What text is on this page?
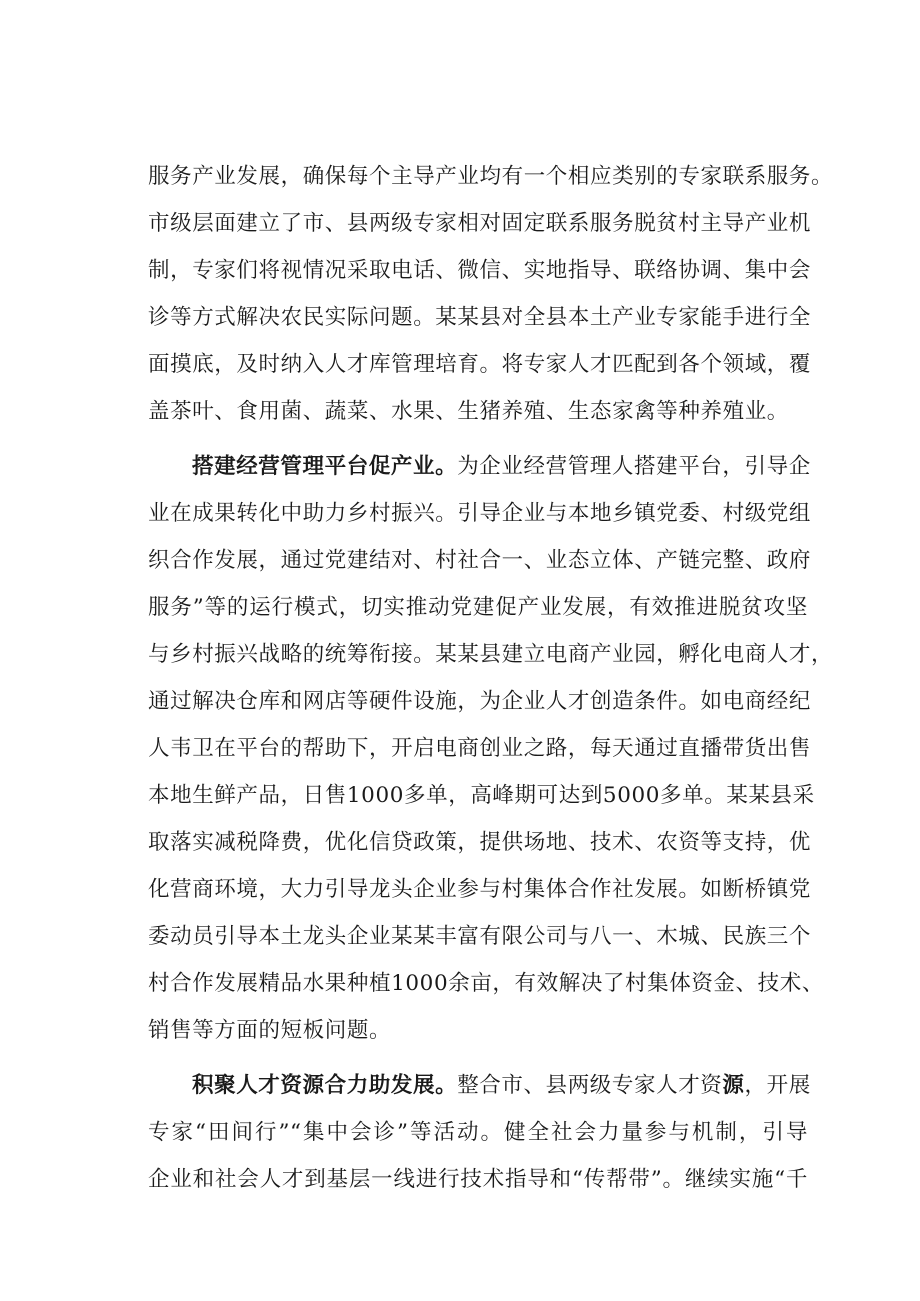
服务产业发展，确保每个主导产业均有一个相应类别的专家联系服务。
市级层面建立了市、县两级专家相对固定联系服务脱贫村主导产业机
制，专家们将视情况采取电话、微信、实地指导、联络协调、集中会
诊等方式解决农民实际问题。某某县对全县本土产业专家能手进行全
面摸底，及时纳入人才库管理培育。将专家人才匹配到各个领域，覆
盖茶叶、食用菌、蔬菜、水果、生猪养殖、生态家禽等种养殖业。
搭建经营管理平台促产业。为企业经营管理人搭建平台，引导企
业在成果转化中助力乡村振兴。引导企业与本地乡镇党委、村级党组
织合作发展，通过党建结对、村社合一、业态立体、产链完整、政府
服务”等的运行模式，切实推动党建促产业发展，有效推进脱贫攻坚
与乡村振兴战略的统筹衔接。某某县建立电商产业园，孵化电商人才，
通过解决仓库和网店等硬件设施，为企业人才创造条件。如电商经纪
人韦卫在平台的帮助下，开启电商创业之路，每天通过直播带货出售
本地生鲜产品，日售1000多单，高峰期可达到5000多单。某某县采
取落实减税降费，优化信贷政策，提供场地、技术、农资等支持，优
化营商环境，大力引导龙头企业参与村集体合作社发展。如断桥镇党
委动员引导本土龙头企业某某丰富有限公司与八一、木城、民族三个
村合作发展精品水果种植1000余亩，有效解决了村集体资金、技术、
销售等方面的短板问题。
积聚人才资源合力助发展。整合市、县两级专家人才资源，开展
专家“田间行”“集中会诊”等活动。健全社会力量参与机制，引导
企业和社会人才到基层一线进行技术指导和“传帮带”。继续实施“千
